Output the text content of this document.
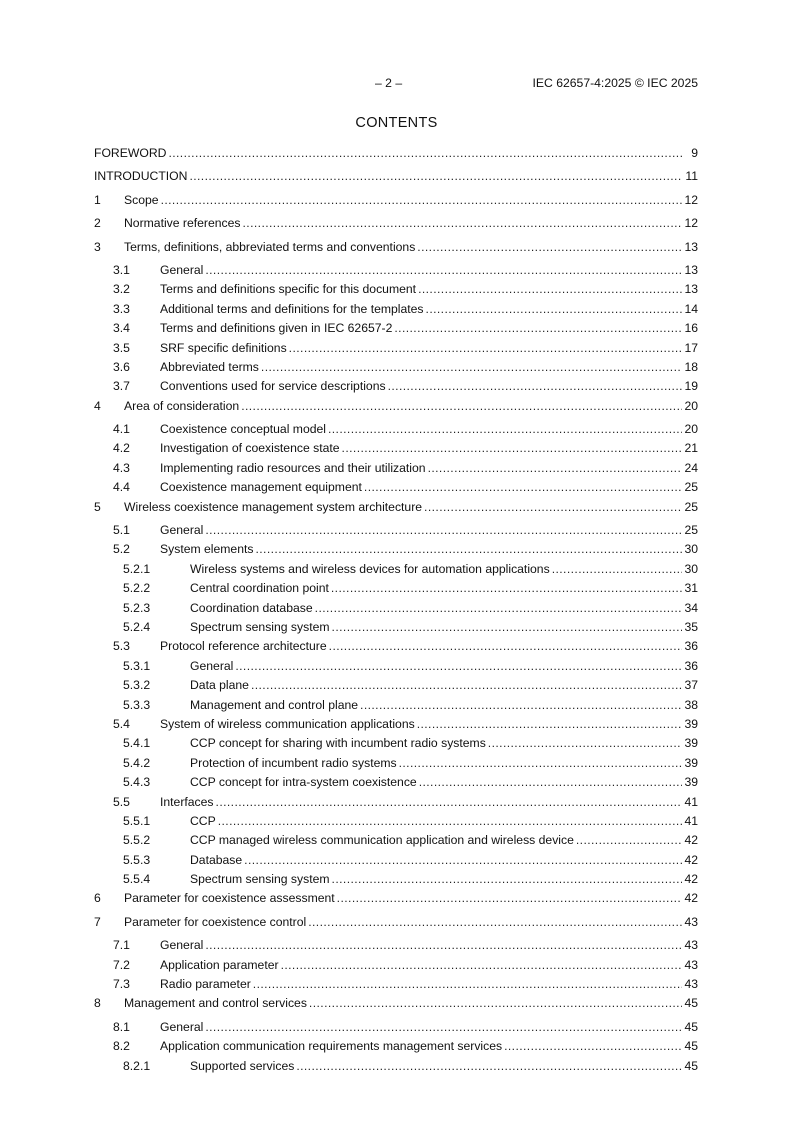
– 2 –	IEC 62657-4:2025 © IEC 2025
CONTENTS
FOREWORD .....	9
INTRODUCTION .....	11
1	Scope .....	12
2	Normative references .....	12
3	Terms, definitions, abbreviated terms and conventions .....	13
3.1	General .....	13
3.2	Terms and definitions specific for this document .....	13
3.3	Additional terms and definitions for the templates .....	14
3.4	Terms and definitions given in IEC 62657-2 .....	16
3.5	SRF specific definitions .....	17
3.6	Abbreviated terms .....	18
3.7	Conventions used for service descriptions .....	19
4	Area of consideration .....	20
4.1	Coexistence conceptual model .....	20
4.2	Investigation of coexistence state .....	21
4.3	Implementing radio resources and their utilization .....	24
4.4	Coexistence management equipment .....	25
5	Wireless coexistence management system architecture .....	25
5.1	General .....	25
5.2	System elements .....	30
5.2.1	Wireless systems and wireless devices for automation applications .....	30
5.2.2	Central coordination point .....	31
5.2.3	Coordination database .....	34
5.2.4	Spectrum sensing system .....	35
5.3	Protocol reference architecture .....	36
5.3.1	General .....	36
5.3.2	Data plane .....	37
5.3.3	Management and control plane .....	38
5.4	System of wireless communication applications .....	39
5.4.1	CCP concept for sharing with incumbent radio systems .....	39
5.4.2	Protection of incumbent radio systems .....	39
5.4.3	CCP concept for intra-system coexistence .....	39
5.5	Interfaces .....	41
5.5.1	CCP .....	41
5.5.2	CCP managed wireless communication application and wireless device .....	42
5.5.3	Database .....	42
5.5.4	Spectrum sensing system .....	42
6	Parameter for coexistence assessment .....	42
7	Parameter for coexistence control .....	43
7.1	General .....	43
7.2	Application parameter .....	43
7.3	Radio parameter .....	43
8	Management and control services .....	45
8.1	General .....	45
8.2	Application communication requirements management services .....	45
8.2.1	Supported services .....	45
